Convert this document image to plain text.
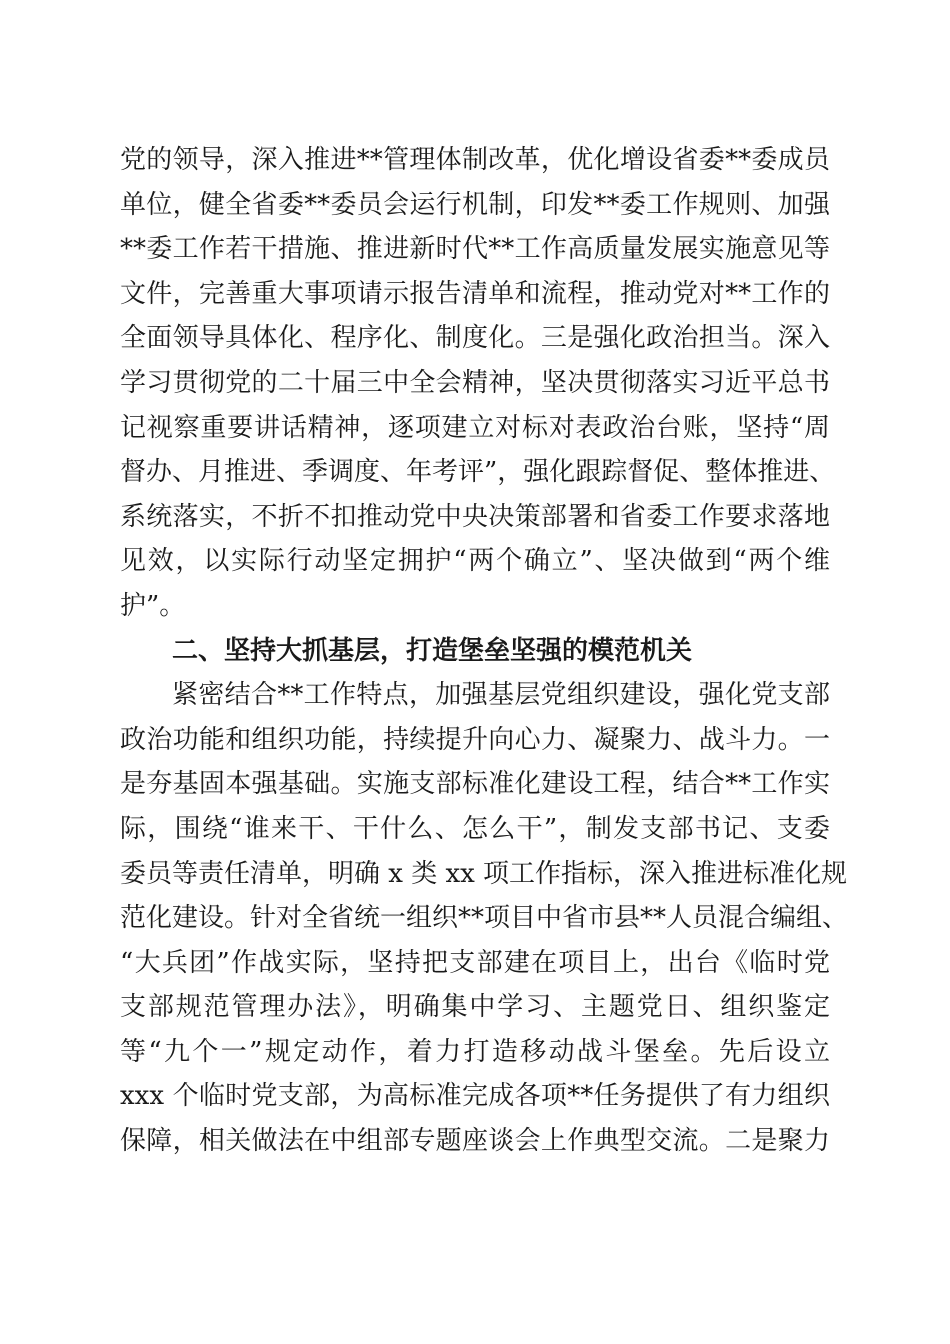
党的领导，深入推进**管理体制改革，优化增设省委**委成员
单位，健全省委**委员会运行机制，印发**委工作规则、加强
**委工作若干措施、推进新时代**工作高质量发展实施意见等
文件，完善重大事项请示报告清单和流程，推动党对**工作的
全面领导具体化、程序化、制度化。三是强化政治担当。深入
学习贯彻党的二十届三中全会精神，坚决贯彻落实习近平总书
记视察重要讲话精神，逐项建立对标对表政治台账，坚持“周
督办、月推进、季调度、年考评”，强化跟踪督促、整体推进、
系统落实，不折不扣推动党中央决策部署和省委工作要求落地
见效，以实际行动坚定拥护“两个确立”、坚决做到“两个维
护”。
二、坚持大抓基层，打造堡垒坚强的模范机关
紧密结合**工作特点，加强基层党组织建设，强化党支部
政治功能和组织功能，持续提升向心力、凝聚力、战斗力。一
是夯基固本强基础。实施支部标准化建设工程，结合**工作实
际，围绕“谁来干、干什么、怎么干”，制发支部书记、支委
委员等责任清单，明确 x 类 xx 项工作指标，深入推进标准化规
范化建设。针对全省统一组织**项目中省市县**人员混合编组、
“大兵团”作战实际，坚持把支部建在项目上，出台《临时党
支部规范管理办法》，明确集中学习、主题党日、组织鉴定
等“九个一”规定动作，着力打造移动战斗堡垒。先后设立
xxx 个临时党支部，为高标准完成各项**任务提供了有力组织
保障，相关做法在中组部专题座谈会上作典型交流。二是聚力
